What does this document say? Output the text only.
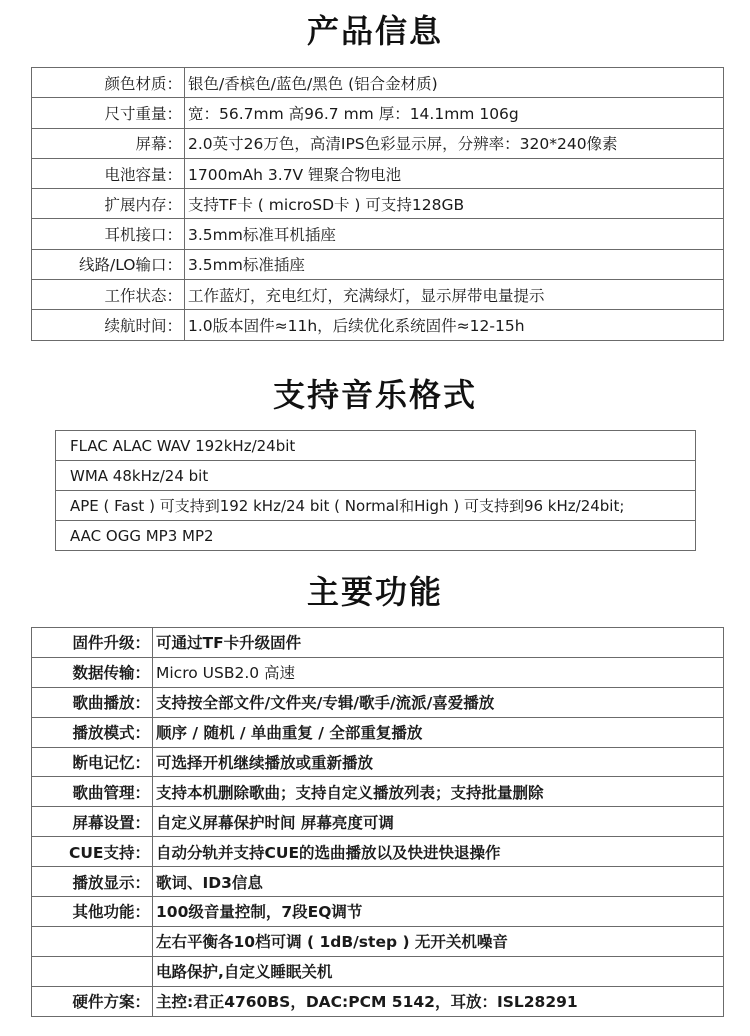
产品信息
颜色材质：	银色/香槟色/蓝色/黑色 (铝合金材质)
尺寸重量：	宽：56.7mm 高96.7 mm 厚：14.1mm 106g
屏幕：	2.0英寸26万色，高清IPS色彩显示屏，分辨率：320*240像素
电池容量：	1700mAh 3.7V 锂聚合物电池
扩展内存：	支持TF卡 ( microSD卡 ) 可支持128GB
耳机接口：	3.5mm标准耳机插座
线路/LO输口：	3.5mm标准插座
工作状态：	工作蓝灯，充电红灯，充满绿灯，显示屏带电量提示
续航时间：	1.0版本固件≈11h，后续优化系统固件≈12-15h
支持音乐格式
FLAC ALAC WAV 192kHz/24bit
WMA 48kHz/24 bit
APE ( Fast ) 可支持到192 kHz/24 bit ( Normal和High ) 可支持到96 kHz/24bit;
AAC OGG MP3 MP2
主要功能
固件升级：	可通过TF卡升级固件
数据传输：	Micro USB2.0 高速
歌曲播放：	支持按全部文件/文件夹/专辑/歌手/流派/喜爱播放
播放模式：	顺序 / 随机 / 单曲重复 / 全部重复播放
断电记忆：	可选择开机继续播放或重新播放
歌曲管理：	支持本机删除歌曲；支持自定义播放列表；支持批量删除
屏幕设置：	自定义屏幕保护时间 屏幕亮度可调
CUE支持：	自动分轨并支持CUE的选曲播放以及快进快退操作
播放显示：	歌词、ID3信息
其他功能：	100级音量控制，7段EQ调节
	左右平衡各10档可调 ( 1dB/step ) 无开关机噪音
	电路保护,自定义睡眠关机
硬件方案：	主控:君正4760BS，DAC:PCM 5142，耳放：ISL28291
